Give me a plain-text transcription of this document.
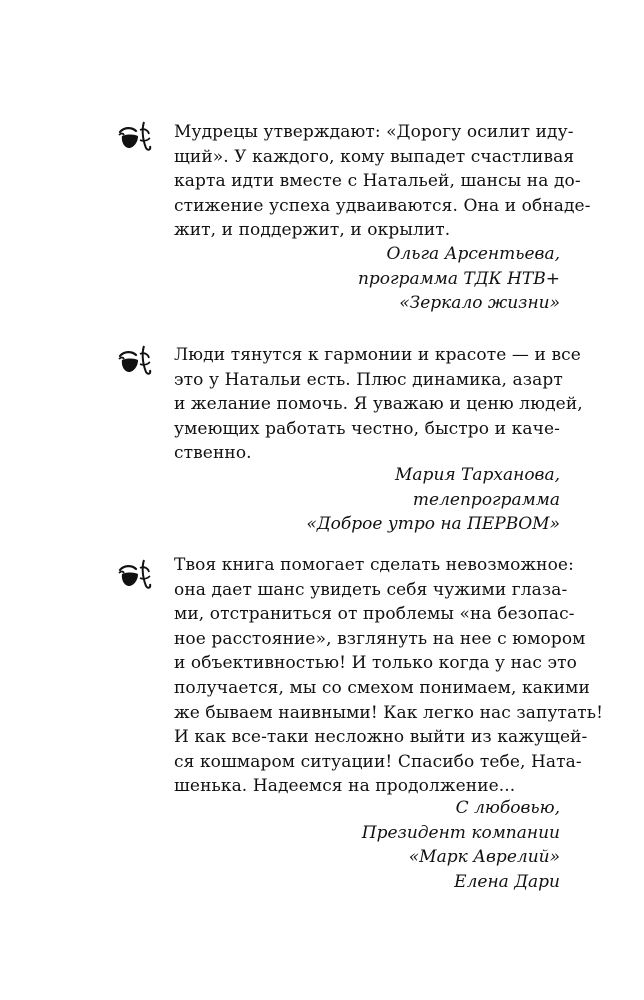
Мудрецы утверждают: «Дорогу осилит иду-
щий». У каждого, кому выпадет счастливая
карта идти вместе с Натальей, шансы на до-
стижение успеха удваиваются. Она и обнаде-
жит, и поддержит, и окрылит.
Ольга Арсентьева,
программа ТДК НТВ+
«Зеркало жизни»
Люди тянутся к гармонии и красоте — и все
это у Натальи есть. Плюс динамика, азарт
и желание помочь. Я уважаю и ценю людей,
умеющих работать честно, быстро и каче-
ственно.
Мария Тарханова,
телепрограмма
«Доброе утро на ПЕРВОМ»
Твоя книга помогает сделать невозможное:
она дает шанс увидеть себя чужими глаза-
ми, отстраниться от проблемы «на безопас-
ное расстояние», взглянуть на нее с юмором
и объективностью! И только когда у нас это
получается, мы со смехом понимаем, какими
же бываем наивными! Как легко нас запутать!
И как все-таки несложно выйти из кажущей-
ся кошмаром ситуации! Спасибо тебе, Ната-
шенька. Надеемся на продолжение...
С любовью,
Президент компании
«Марк Аврелий»
Елена Дари
